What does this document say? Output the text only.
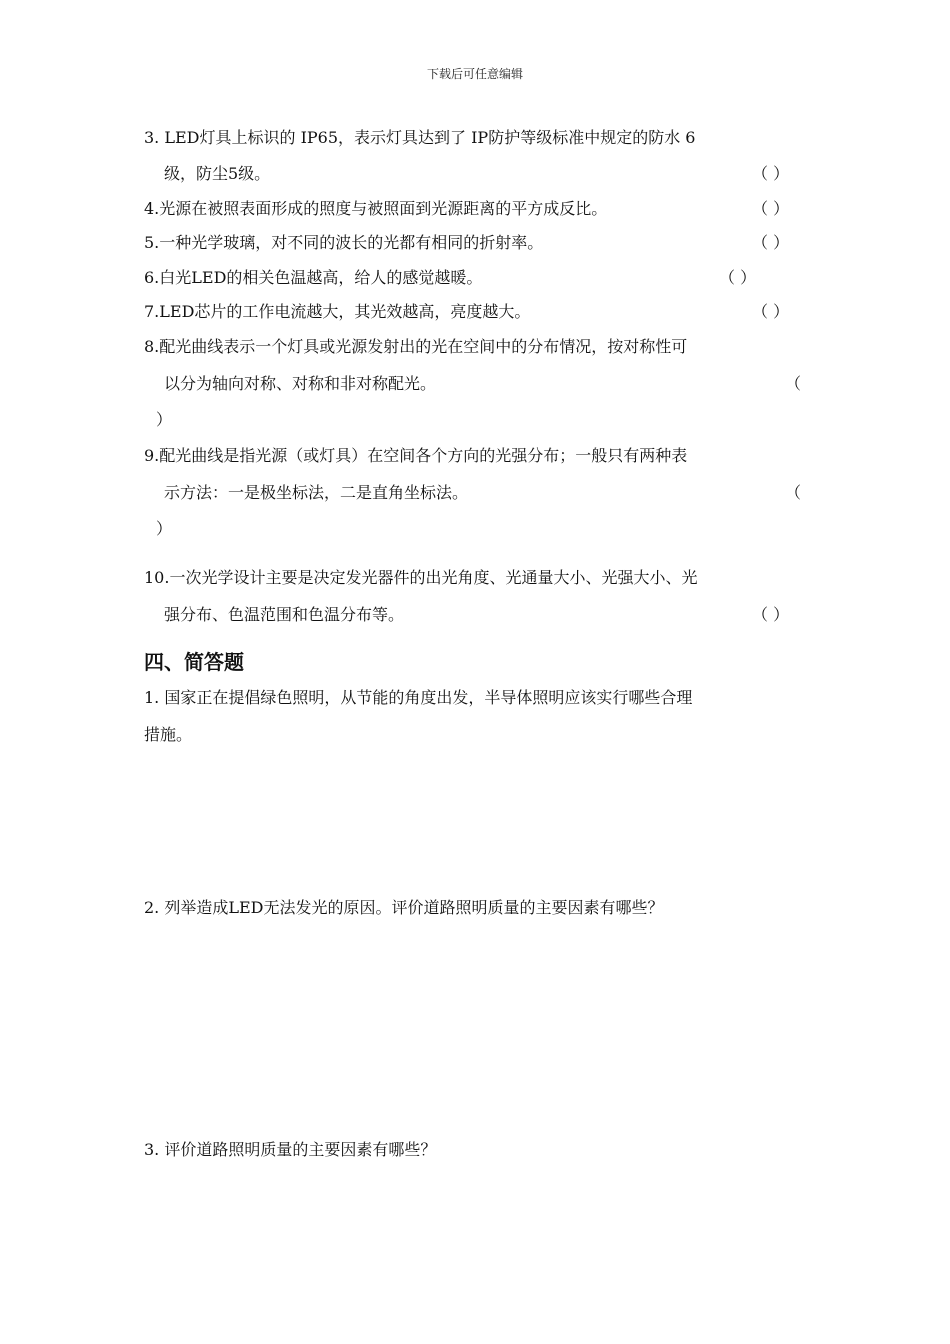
下载后可任意编辑
3. LED灯具上标识的 IP65，表示灯具达到了 IP防护等级标准中规定的防水 6
级，防尘5级。	（ ）
4.光源在被照表面形成的照度与被照面到光源距离的平方成反比。	（ ）
5.一种光学玻璃，对不同的波长的光都有相同的折射率。	（ ）
6.白光LED的相关色温越高，给人的感觉越暖。	（ ）
7.LED芯片的工作电流越大，其光效越高，亮度越大。	（ ）
8.配光曲线表示一个灯具或光源发射出的光在空间中的分布情况，按对称性可
以分为轴向对称、对称和非对称配光。	（
）
9.配光曲线是指光源（或灯具）在空间各个方向的光强分布；一般只有两种表
示方法：一是极坐标法，二是直角坐标法。	（
）
10.一次光学设计主要是决定发光器件的出光角度、光通量大小、光强大小、光
强分布、色温范围和色温分布等。	（ ）
四、简答题
1. 国家正在提倡绿色照明，从节能的角度出发，半导体照明应该实行哪些合理
措施。
2. 列举造成LED无法发光的原因。评价道路照明质量的主要因素有哪些？
3. 评价道路照明质量的主要因素有哪些？
